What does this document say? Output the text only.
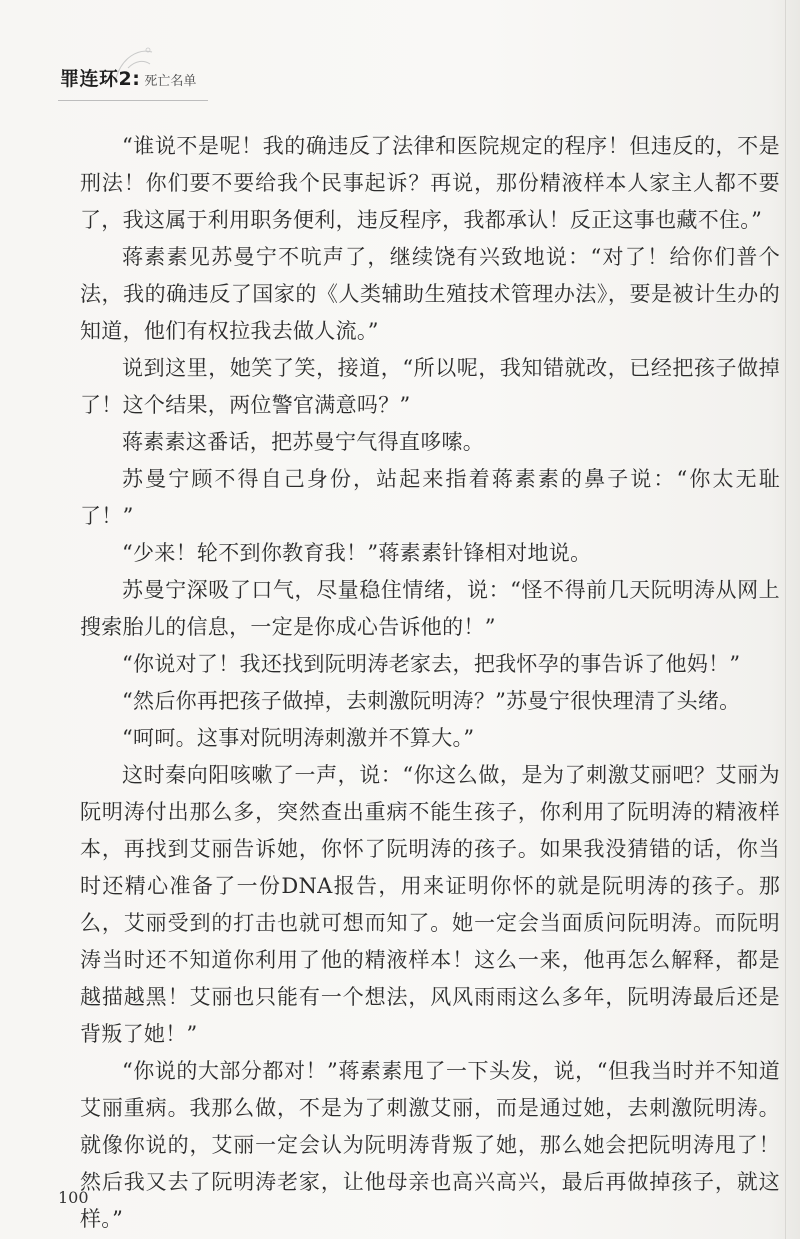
罪连环2: 死亡名单

“谁说不是呢！我的确违反了法律和医院规定的程序！但违反的，不是刑法！你们要不要给我个民事起诉？再说，那份精液样本人家主人都不要了，我这属于利用职务便利，违反程序，我都承认！反正这事也藏不住。”

蒋素素见苏曼宁不吭声了，继续饶有兴致地说：“对了！给你们普个法，我的确违反了国家的《人类辅助生殖技术管理办法》，要是被计生办的知道，他们有权拉我去做人流。”

说到这里，她笑了笑，接道，“所以呢，我知错就改，已经把孩子做掉了！这个结果，两位警官满意吗？”

蒋素素这番话，把苏曼宁气得直哆嗦。

苏曼宁顾不得自己身份，站起来指着蒋素素的鼻子说：“你太无耻了！”

“少来！轮不到你教育我！”蒋素素针锋相对地说。

苏曼宁深吸了口气，尽量稳住情绪，说：“怪不得前几天阮明涛从网上搜索胎儿的信息，一定是你成心告诉他的！”

“你说对了！我还找到阮明涛老家去，把我怀孕的事告诉了他妈！”

“然后你再把孩子做掉，去刺激阮明涛？”苏曼宁很快理清了头绪。

“呵呵。这事对阮明涛刺激并不算大。”

这时秦向阳咳嗽了一声，说：“你这么做，是为了刺激艾丽吧？艾丽为阮明涛付出那么多，突然查出重病不能生孩子，你利用了阮明涛的精液样本，再找到艾丽告诉她，你怀了阮明涛的孩子。如果我没猜错的话，你当时还精心准备了一份DNA报告，用来证明你怀的就是阮明涛的孩子。那么，艾丽受到的打击也就可想而知了。她一定会当面质问阮明涛。而阮明涛当时还不知道你利用了他的精液样本！这么一来，他再怎么解释，都是越描越黑！艾丽也只能有一个想法，风风雨雨这么多年，阮明涛最后还是背叛了她！”

“你说的大部分都对！”蒋素素甩了一下头发，说，“但我当时并不知道艾丽重病。我那么做，不是为了刺激艾丽，而是通过她，去刺激阮明涛。就像你说的，艾丽一定会认为阮明涛背叛了她，那么她会把阮明涛甩了！然后我又去了阮明涛老家，让他母亲也高兴高兴，最后再做掉孩子，就这样。”

100
